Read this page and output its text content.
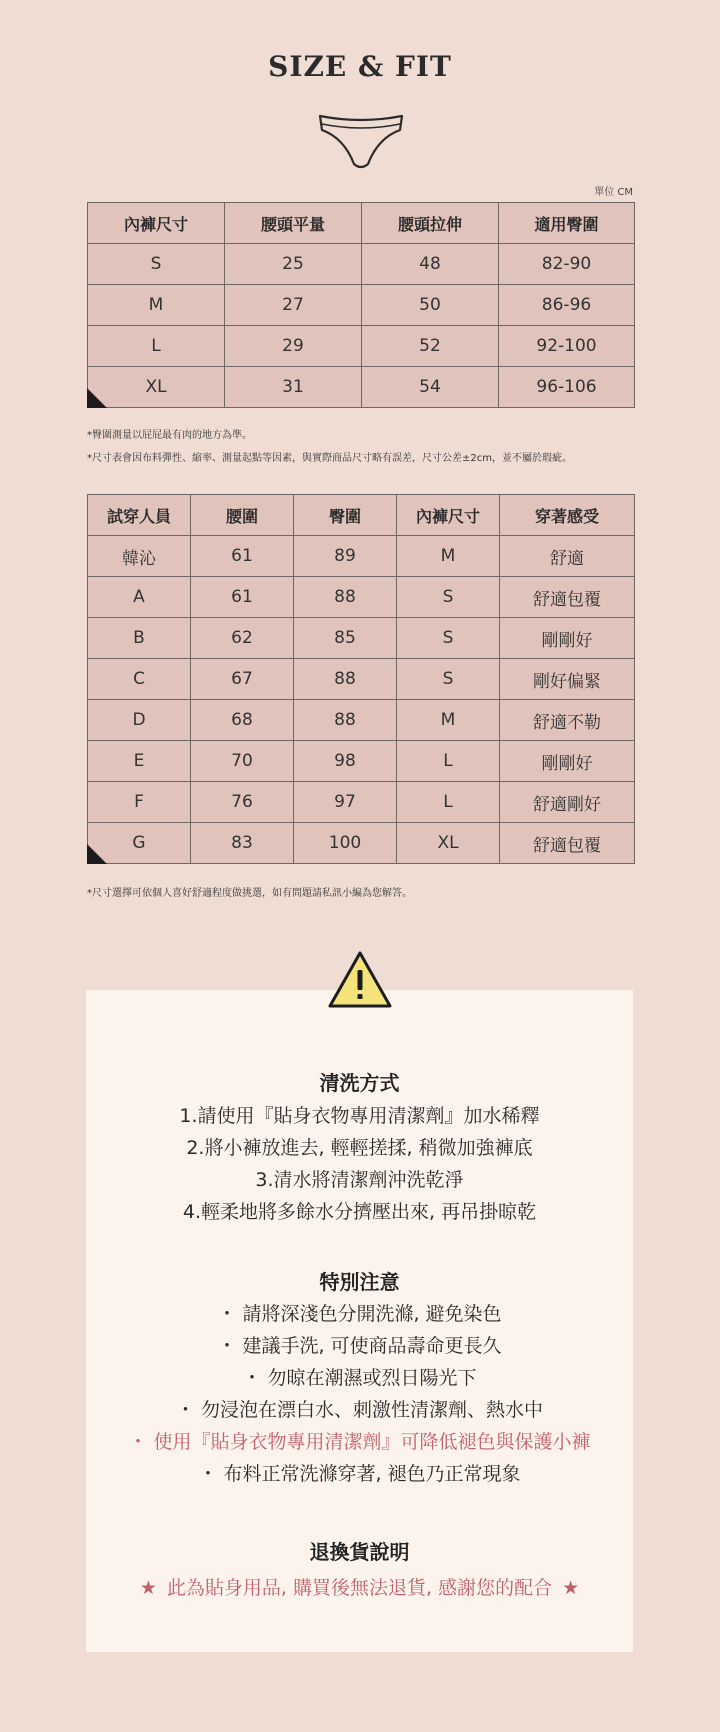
SIZE & FIT
單位 CM
內褲尺寸	腰頭平量	腰頭拉伸	適用臀圍
S	25	48	82-90
M	27	50	86-96
L	29	52	92-100
XL	31	54	96-106
*臀圍測量以屁屁最有肉的地方為準。
*尺寸表會因布料彈性、縮率、測量起點等因素，與實際商品尺寸略有誤差，尺寸公差±2cm，並不屬於瑕疵。
試穿人員	腰圍	臀圍	內褲尺寸	穿著感受
韓沁	61	89	M	舒適
A	61	88	S	舒適包覆
B	62	85	S	剛剛好
C	67	88	S	剛好偏緊
D	68	88	M	舒適不勒
E	70	98	L	剛剛好
F	76	97	L	舒適剛好
G	83	100	XL	舒適包覆
*尺寸選擇可依個人喜好舒適程度做挑選，如有問題請私訊小編為您解答。
清洗方式
1.請使用『貼身衣物專用清潔劑』加水稀釋
2.將小褲放進去, 輕輕搓揉, 稍微加強褲底
3.清水將清潔劑沖洗乾淨
4.輕柔地將多餘水分擠壓出來, 再吊掛晾乾
特別注意
・ 請將深淺色分開洗滌, 避免染色
・ 建議手洗, 可使商品壽命更長久
・ 勿晾在潮濕或烈日陽光下
・ 勿浸泡在漂白水、刺激性清潔劑、熱水中
・ 使用『貼身衣物專用清潔劑』可降低褪色與保護小褲
・ 布料正常洗滌穿著, 褪色乃正常現象
退換貨說明
★ 此為貼身用品, 購買後無法退貨, 感謝您的配合 ★
